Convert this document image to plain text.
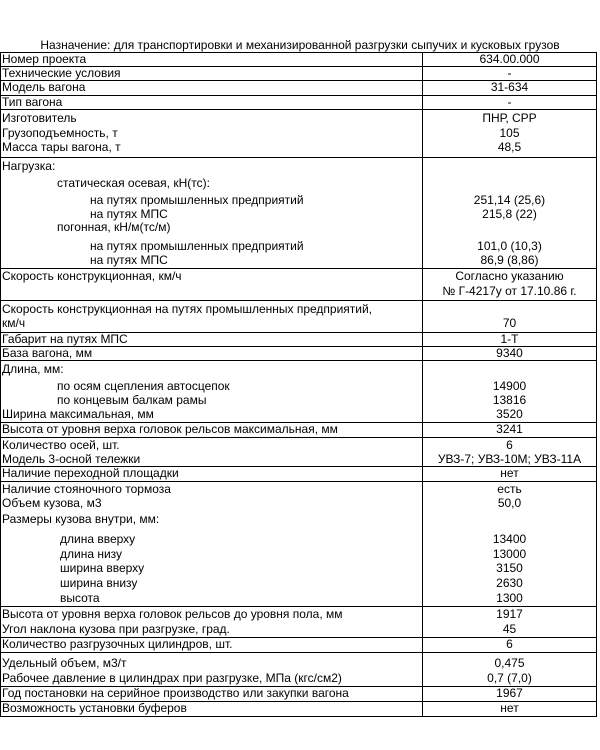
Назначение: для транспортировки и механизированной разгрузки сыпучих и кусковых грузов
Номер проекта	634.00.000
Технические условия	-
Модель вагона	31-634
Тип вагона	-
Изготовитель	ПНР, СРР
Грузоподъемность, т	105
Масса тары вагона, т	48,5
Нагрузка:
статическая осевая, кН(тс):
на путях промышленных предприятий	251,14 (25,6)
на путях МПС	215,8 (22)
погонная, кН/м(тс/м)
на путях промышленных предприятий	101,0 (10,3)
на путях МПС	86,9 (8,86)
Скорость конструкционная, км/ч	Согласно указанию
№ Г-4217у от 17.10.86 г.
Скорость конструкционная на путях промышленных предприятий,
км/ч	70
Габарит на путях МПС	1-Т
База вагона, мм	9340
Длина, мм:
по осям сцепления автосцепок	14900
по концевым балкам рамы	13816
Ширина максимальная, мм	3520
Высота от уровня верха головок рельсов максимальная, мм	3241
Количество осей, шт.	6
Модель 3-осной тележки	УВЗ-7; УВЗ-10М; УВЗ-11А
Наличие переходной площадки	нет
Наличие стояночного тормоза	есть
Объем кузова, м3	50,0
Размеры кузова внутри, мм:
длина вверху	13400
длина низу	13000
ширина вверху	3150
ширина внизу	2630
высота	1300
Высота от уровня верха головок рельсов до уровня пола, мм	1917
Угол наклона кузова при разгрузке, град.	45
Количество разгрузочных цилиндров, шт.	6
Удельный объем, м3/т	0,475
Рабочее давление в цилиндрах при разгрузке, МПа (кгс/см2)	0,7 (7,0)
Год постановки на серийное производство или закупки вагона	1967
Возможность установки буферов	нет
